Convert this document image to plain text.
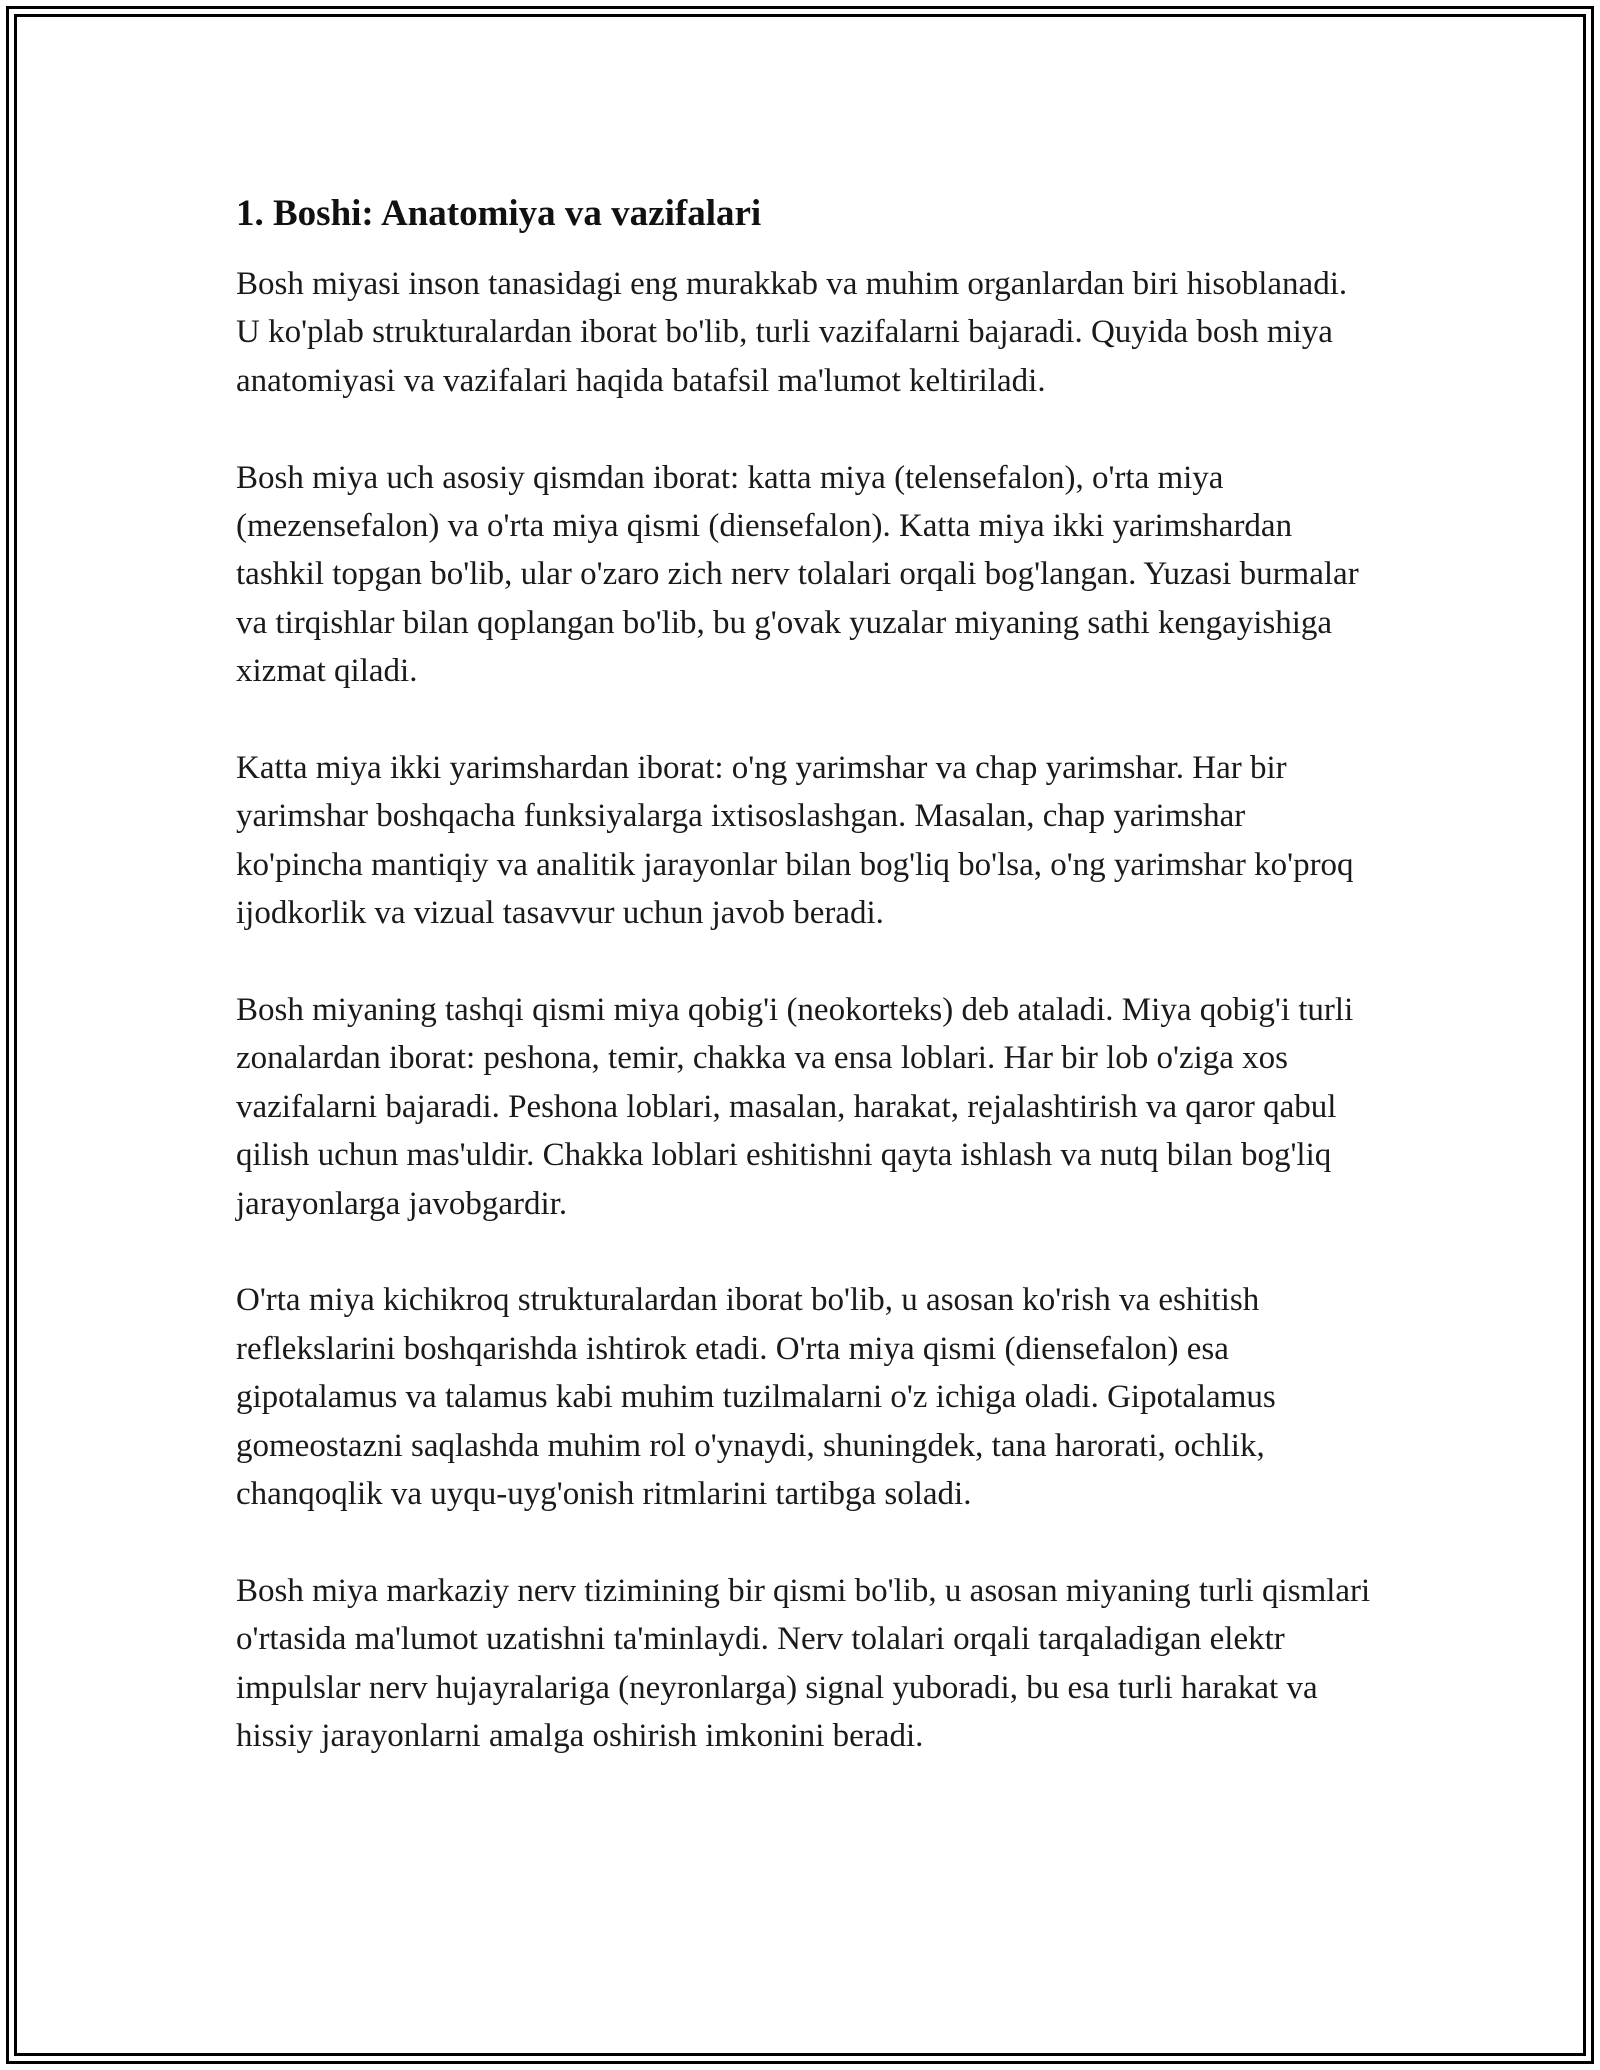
1. Boshi: Anatomiya va vazifalari

Bosh miyasi inson tanasidagi eng murakkab va muhim organlardan biri hisoblanadi. U ko'plab strukturalardan iborat bo'lib, turli vazifalarni bajaradi. Quyida bosh miya anatomiyasi va vazifalari haqida batafsil ma'lumot keltiriladi.

Bosh miya uch asosiy qismdan iborat: katta miya (telensefalon), o'rta miya (mezensefalon) va o'rta miya qismi (diensefalon). Katta miya ikki yarimshardan tashkil topgan bo'lib, ular o'zaro zich nerv tolalari orqali bog'langan. Yuzasi burmalar va tirqishlar bilan qoplangan bo'lib, bu g'ovak yuzalar miyaning sathi kengayishiga xizmat qiladi.

Katta miya ikki yarimshardan iborat: o'ng yarimshar va chap yarimshar. Har bir yarimshar boshqacha funksiyalarga ixtisoslashgan. Masalan, chap yarimshar ko'pincha mantiqiy va analitik jarayonlar bilan bog'liq bo'lsa, o'ng yarimshar ko'proq ijodkorlik va vizual tasavvur uchun javob beradi.

Bosh miyaning tashqi qismi miya qobig'i (neokorteks) deb ataladi. Miya qobig'i turli zonalardan iborat: peshona, temir, chakka va ensa loblari. Har bir lob o'ziga xos vazifalarni bajaradi. Peshona loblari, masalan, harakat, rejalashtirish va qaror qabul qilish uchun mas'uldir. Chakka loblari eshitishni qayta ishlash va nutq bilan bog'liq jarayonlarga javobgardir.

O'rta miya kichikroq strukturalardan iborat bo'lib, u asosan ko'rish va eshitish reflekslarini boshqarishda ishtirok etadi. O'rta miya qismi (diensefalon) esa gipotalamus va talamus kabi muhim tuzilmalarni o'z ichiga oladi. Gipotalamus gomeostazni saqlashda muhim rol o'ynaydi, shuningdek, tana harorati, ochlik, chanqoqlik va uyqu-uyg'onish ritmlarini tartibga soladi.

Bosh miya markaziy nerv tizimining bir qismi bo'lib, u asosan miyaning turli qismlari o'rtasida ma'lumot uzatishni ta'minlaydi. Nerv tolalari orqali tarqaladigan elektr impulslar nerv hujayralariga (neyronlarga) signal yuboradi, bu esa turli harakat va hissiy jarayonlarni amalga oshirish imkonini beradi.
